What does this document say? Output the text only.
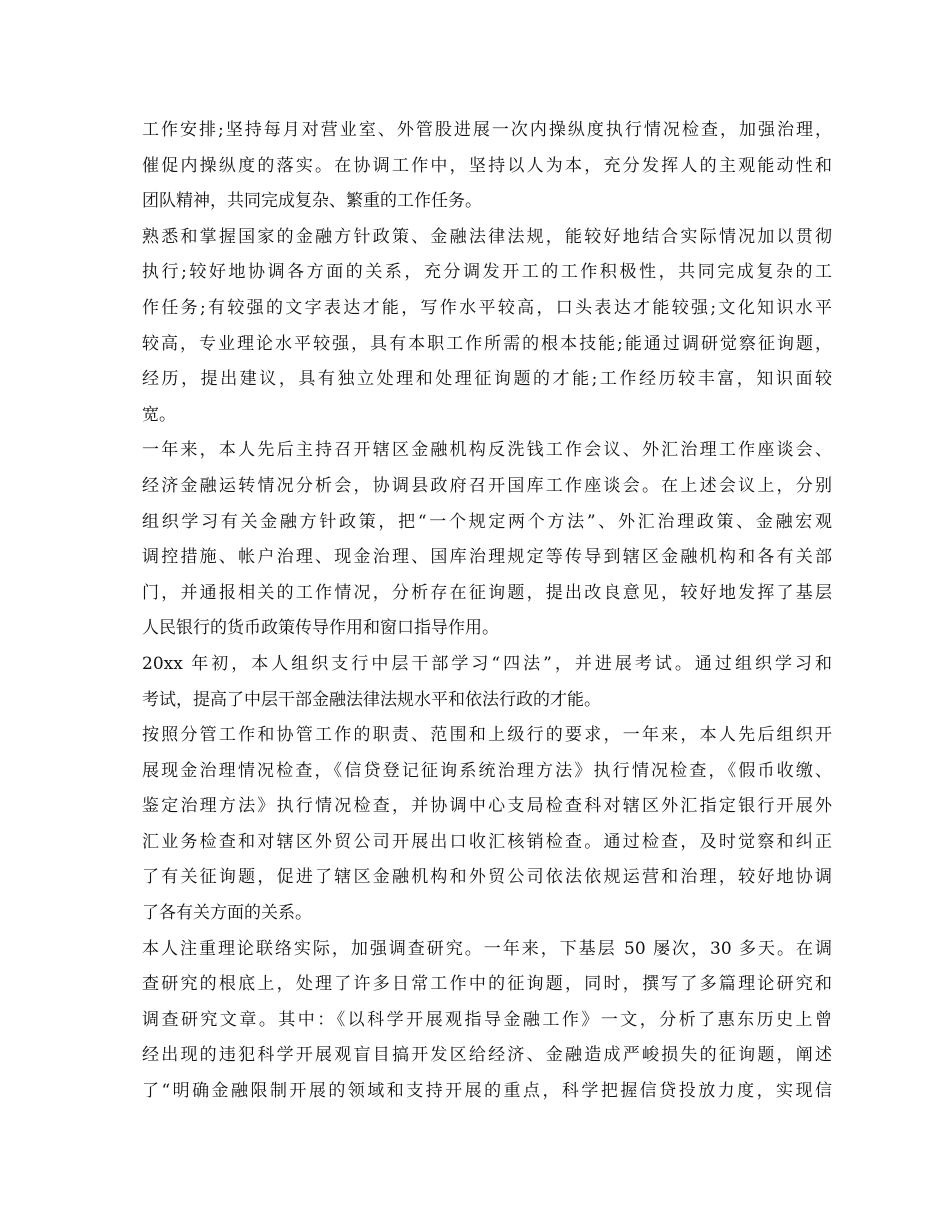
工作安排;坚持每月对营业室、外管股进展一次内操纵度执行情况检查，加强治理，
催促内操纵度的落实。在协调工作中，坚持以人为本，充分发挥人的主观能动性和
团队精神，共同完成复杂、繁重的工作任务。
熟悉和掌握国家的金融方针政策、金融法律法规，能较好地结合实际情况加以贯彻
执行;较好地协调各方面的关系，充分调发开工的工作积极性，共同完成复杂的工
作任务;有较强的文字表达才能，写作水平较高，口头表达才能较强;文化知识水平
较高，专业理论水平较强，具有本职工作所需的根本技能;能通过调研觉察征询题，
经历，提出建议，具有独立处理和处理征询题的才能;工作经历较丰富，知识面较
宽。
一年来，本人先后主持召开辖区金融机构反洗钱工作会议、外汇治理工作座谈会、
经济金融运转情况分析会，协调县政府召开国库工作座谈会。在上述会议上，分别
组织学习有关金融方针政策，把“一个规定两个方法”、外汇治理政策、金融宏观
调控措施、帐户治理、现金治理、国库治理规定等传导到辖区金融机构和各有关部
门，并通报相关的工作情况，分析存在征询题，提出改良意见，较好地发挥了基层
人民银行的货币政策传导作用和窗口指导作用。
20xx 年初，本人组织支行中层干部学习“四法”，并进展考试。通过组织学习和
考试，提高了中层干部金融法律法规水平和依法行政的才能。
按照分管工作和协管工作的职责、范围和上级行的要求，一年来，本人先后组织开
展现金治理情况检查，《信贷登记征询系统治理方法》执行情况检查，《假币收缴、
鉴定治理方法》执行情况检查，并协调中心支局检查科对辖区外汇指定银行开展外
汇业务检查和对辖区外贸公司开展出口收汇核销检查。通过检查，及时觉察和纠正
了有关征询题，促进了辖区金融机构和外贸公司依法依规运营和治理，较好地协调
了各有关方面的关系。
本人注重理论联络实际，加强调查研究。一年来，下基层 50 屡次，30 多天。在调
查研究的根底上，处理了许多日常工作中的征询题，同时，撰写了多篇理论研究和
调查研究文章。其中：《以科学开展观指导金融工作》一文，分析了惠东历史上曾
经出现的违犯科学开展观盲目搞开发区给经济、金融造成严峻损失的征询题，阐述
了“明确金融限制开展的领域和支持开展的重点，科学把握信贷投放力度，实现信
